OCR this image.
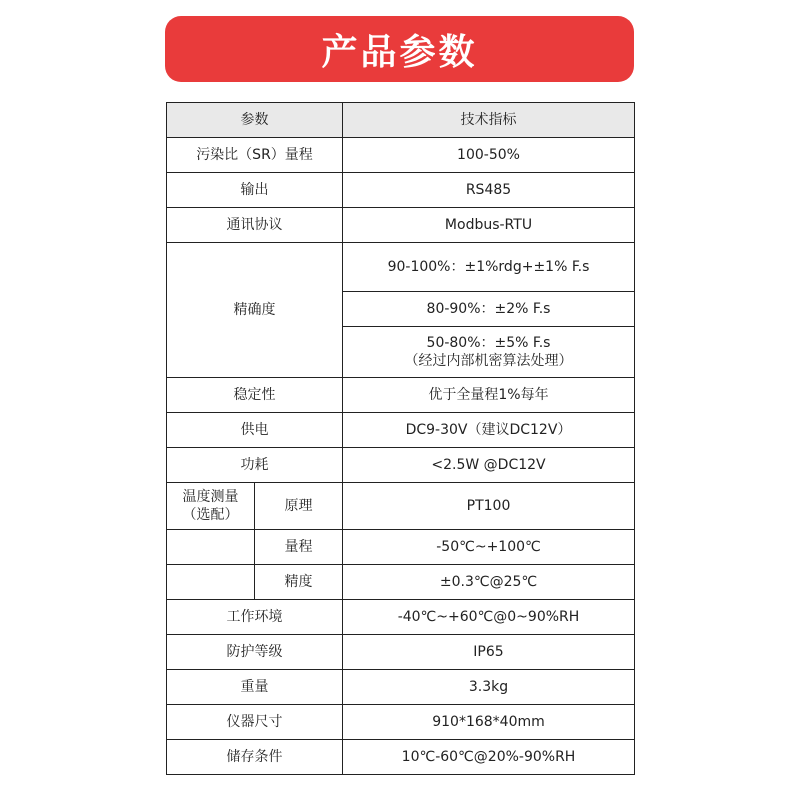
产品参数
参数		技术指标
污染比（SR）量程		100-50%
输出		RS485
通讯协议		Modbus-RTU
精确度		90-100%：±1%rdg+±1% F.s
		80-90%：±2% F.s

		50-80%：±5% F.s
（经过内部机密算法处理）

稳定性		优于全量程1%每年
供电		DC9-30V（建议DC12V）
功耗		<2.5W @DC12V

温度测量
（选配）	原理	PT100
	量程	-50℃~+100℃
	精度	±0.3℃@25℃
工作环境		-40℃~+60℃@0~90%RH
防护等级		IP65
重量		3.3kg
仪器尺寸		910*168*40mm
储存条件		10℃-60℃@20%-90%RH
